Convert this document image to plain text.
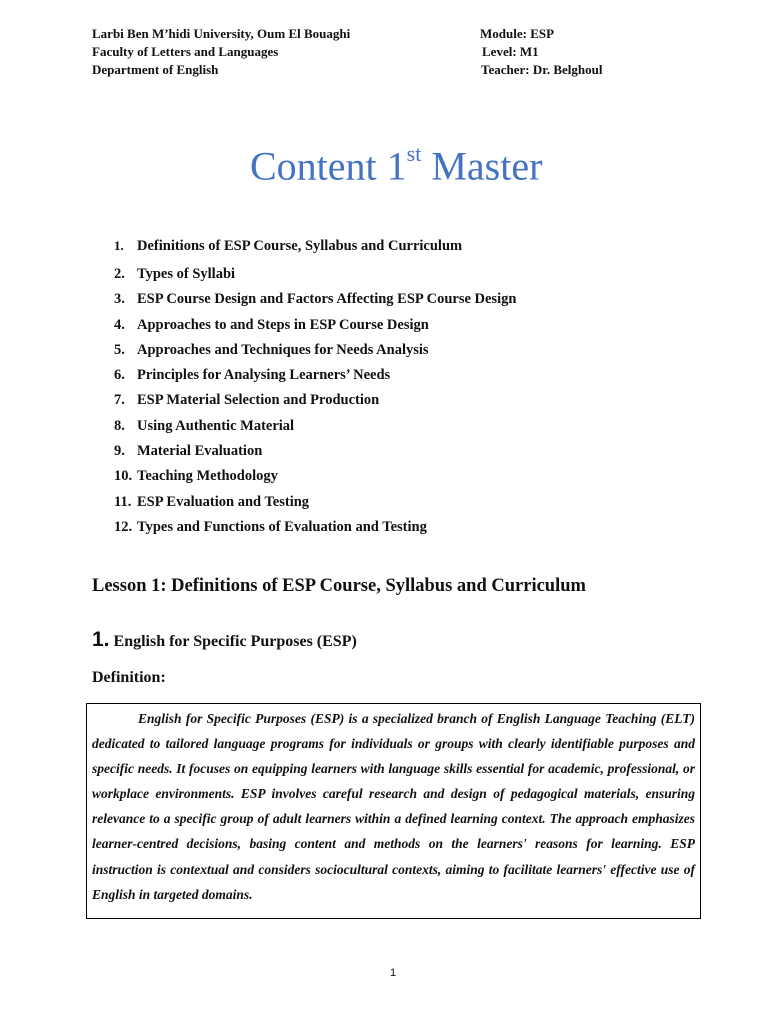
Larbi Ben M’hidi University, Oum El Bouaghi
Faculty of Letters and Languages
Department of English
Module: ESP
Level: M1
Teacher: Dr. Belghoul
Content 1st Master
1. Definitions of ESP Course, Syllabus and Curriculum
2. Types of Syllabi
3. ESP Course Design and Factors Affecting ESP Course Design
4. Approaches to and Steps in ESP Course Design
5. Approaches and Techniques for Needs Analysis
6. Principles for Analysing Learners’ Needs
7. ESP Material Selection and Production
8. Using Authentic Material
9. Material Evaluation
10. Teaching Methodology
11. ESP Evaluation and Testing
12. Types and Functions of Evaluation and Testing
Lesson 1: Definitions of ESP Course, Syllabus and Curriculum
1. English for Specific Purposes (ESP)
Definition:
English for Specific Purposes (ESP) is a specialized branch of English Language Teaching (ELT) dedicated to tailored language programs for individuals or groups with clearly identifiable purposes and specific needs. It focuses on equipping learners with language skills essential for academic, professional, or workplace environments. ESP involves careful research and design of pedagogical materials, ensuring relevance to a specific group of adult learners within a defined learning context. The approach emphasizes learner-centred decisions, basing content and methods on the learners' reasons for learning. ESP instruction is contextual and considers sociocultural contexts, aiming to facilitate learners' effective use of English in targeted domains.
1
